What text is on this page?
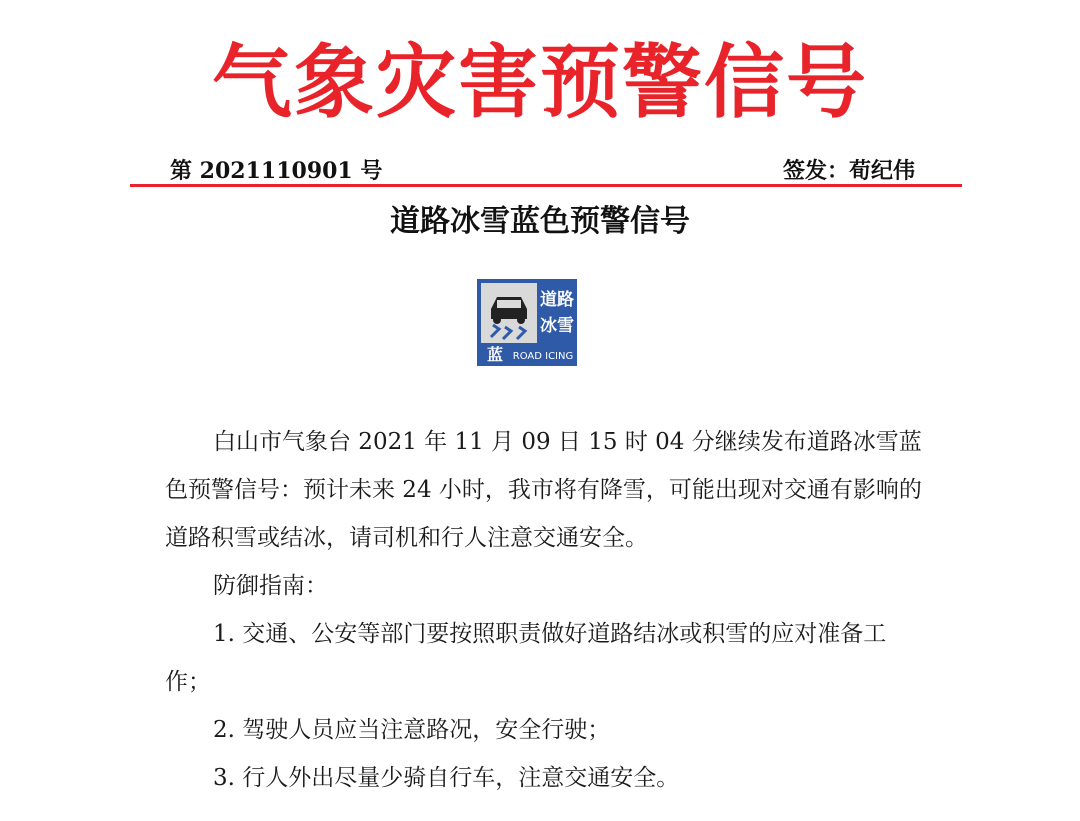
气象灾害预警信号
第 2021110901 号	签发：荀纪伟
道路冰雪蓝色预警信号
道路
冰雪
蓝 ROAD ICING
白山市气象台 2021 年 11 月 09 日 15 时 04 分继续发布道路冰雪蓝色预警信号：预计未来 24 小时，我市将有降雪，可能出现对交通有影响的道路积雪或结冰，请司机和行人注意交通安全。
防御指南：
1. 交通、公安等部门要按照职责做好道路结冰或积雪的应对准备工作；
2. 驾驶人员应当注意路况，安全行驶；
3. 行人外出尽量少骑自行车，注意交通安全。
